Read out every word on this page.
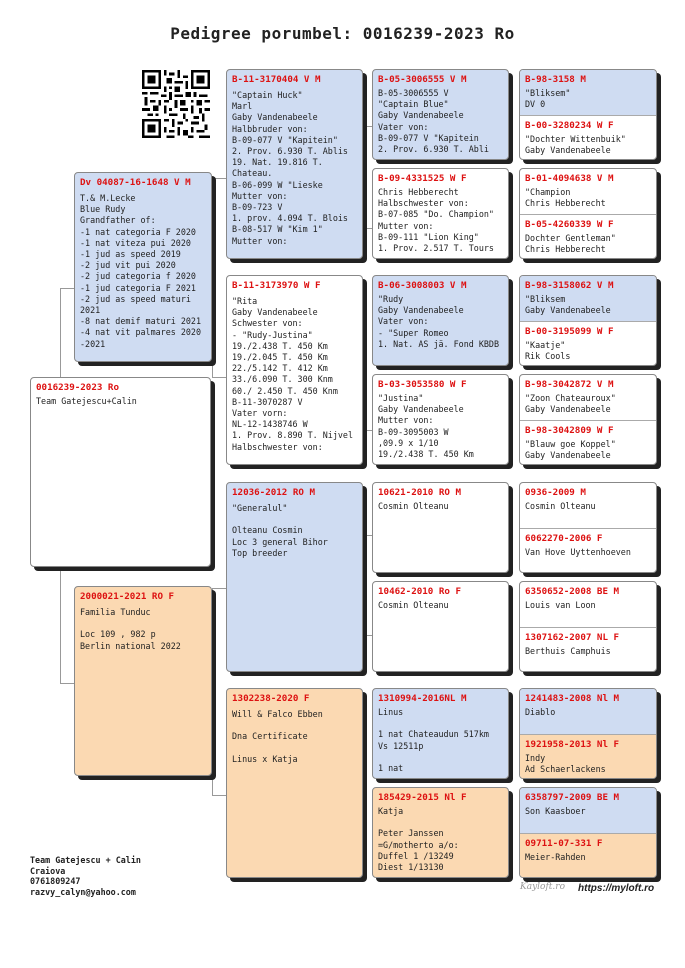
Pedigree porumbel: 0016239-2023 Ro
0016239-2023 Ro
Team Gatejescu+Calin
Dv 04087-16-1648 V M
T.& M.Lecke
Blue Rudy
Grandfather of:
-1 nat categoria F 2020
-1 nat viteza pui 2020
-1 jud as speed 2019
-2 jud vit pui 2020
-2 jud categoria f 2020
-1 jud categoria F 2021
-2 jud as speed maturi 2021
-8 nat demif maturi 2021
-4 nat vit palmares 2020
-2021
2000021-2021 RO F
Familia Tunduc

Loc 109 , 982 p
Berlin national 2022
B-11-3170404 V M
"Captain Huck"
Marl
Gaby Vandenabeele
Halbbruder von:
B-09-077 V "Kapitein"
2. Prov. 6.930 T. Ablis
19. Nat. 19.816 T. Chateau.
B-06-099 W "Lieske
Mutter von:
B-09-723 V
1. prov. 4.094 T. Blois
B-08-517 W "Kim 1"
Mutter von:
B-11-3173970 W F
"Rita
Gaby Vandenabeele
Schwester von:
- "Rudy-Justina"
19./2.438 T. 450 Km
19./2.045 T. 450 Km
22./5.142 T. 412 Km
33./6.090 T. 300 Knm
60./ 2.450 T. 450 Knm
B-11-3070287 V
Vater vorn:
NL-12-1438746 W
1. Prov. 8.890 T. Nijvel
Halbschwester von:
12036-2012 RO M
"Generalul"

Olteanu Cosmin
Loc 3 general Bihor
Top breeder
1302238-2020 F
Will & Falco Ebben

Dna Certificate

Linus x Katja
B-05-3006555 V M
B-05-3006555 V
"Captain Blue"
Gaby Vandenabeele
Vater von:
B-09-077 V "Kapitein
2. Prov. 6.930 T. Abli
B-09-4331525 W F
Chris Hebberecht
Halbschwester von:
B-07-085 "Do. Champion"
Mutter von:
B-09-111 "Lion King"
1. Prov. 2.517 T. Tours
B-06-3008003 V M
"Rudy
Gaby Vandenabeele
Vater von:
- "Super Romeo
1. Nat. AS jä. Fond KBDB
B-03-3053580 W F
"Justina"
Gaby Vandenabeele
Mutter von:
B-09-3095003 W
,09.9 x 1/10
19./2.438 T. 450 Km
10621-2010 RO M
Cosmin Olteanu
10462-2010 Ro F
Cosmin Olteanu
1310994-2016NL M
Linus

1 nat Chateaudun 517km
Vs 12511p

1 nat
185429-2015 Nl F
Katja

Peter Janssen
=G/motherto a/o:
Duffel 1 /13249
Diest 1/13130
B-98-3158 M
"Bliksem"
DV 0
B-00-3280234 W F
"Dochter Wittenbuik"
Gaby Vandenabeele
B-01-4094638 V M
"Champion
Chris Hebberecht
B-05-4260339 W F
Dochter Gentleman"
Chris Hebberecht
B-98-3158062 V M
"Bliksem
Gaby Vandenabeele
B-00-3195099 W F
"Kaatje"
Rik Cools
B-98-3042872 V M
"Zoon Chateauroux"
Gaby Vandenabeele
B-98-3042809 W F
"Blauw goe Koppel"
Gaby Vandenabeele
0936-2009 M
Cosmin Olteanu
6062270-2006 F
Van Hove Uyttenhoeven
6350652-2008 BE M
Louis van Loon
1307162-2007 NL F
Berthuis Camphuis
1241483-2008 Nl M
Diablo
1921958-2013 Nl F
Indy
Ad Schaerlackens
6358797-2009 BE M
Son Kaasboer
09711-07-331 F
Meier-Rahden
Team Gatejescu + Calin
Craiova
0761809247
razvy_calyn@yahoo.com	Ƙayloft.ro https://myloft.ro
